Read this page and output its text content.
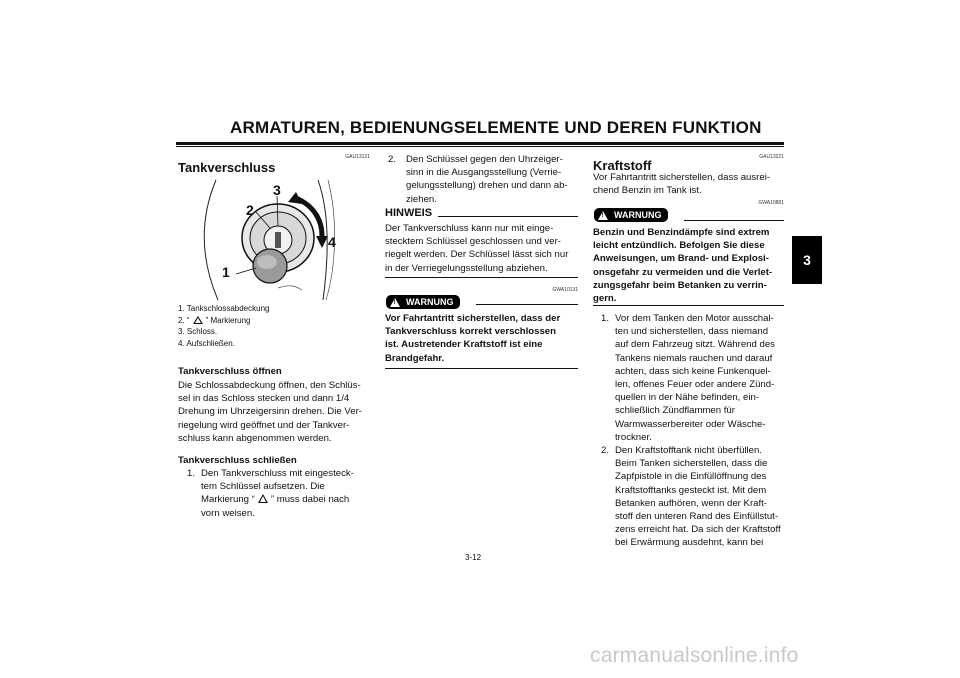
ARMATUREN, BEDIENUNGSELEMENTE UND DEREN FUNKTION
3
GAU13121
Tankverschluss
1
2
3
4
1. Tankschlossabdeckung
2. “ ” Markierung
3. Schloss.
4. Aufschließen.
Tankverschluss öffnen
Die Schlossabdeckung öffnen, den Schlüs-
sel in das Schloss stecken und dann 1/4
Drehung im Uhrzeigersinn drehen. Die Ver-
riegelung wird geöffnet und der Tankver-
schluss kann abgenommen werden.
Tankverschluss schließen
1. Den Tankverschluss mit eingesteck-
tem Schlüssel aufsetzen. Die
Markierung “ ” muss dabei nach
vorn weisen.
2.	Den Schlüssel gegen den Uhrzeiger-
sinn in die Ausgangsstellung (Verrie-
gelungsstellung) drehen und dann ab-
ziehen.
HINWEIS
Der Tankverschluss kann nur mit einge-
stecktem Schlüssel geschlossen und ver-
riegelt werden. Der Schlüssel lässt sich nur
in der Verriegelungsstellung abziehen.
GWA10131
! WARNUNG
Vor Fahrtantritt sicherstellen, dass der
Tankverschluss korrekt verschlossen
ist. Austretender Kraftstoff ist eine
Brandgefahr.
GAU13221
Kraftstoff
Vor Fahrtantritt sicherstellen, dass ausrei-
chend Benzin im Tank ist.
GWA10881
! WARNUNG
Benzin und Benzindämpfe sind extrem
leicht entzündlich. Befolgen Sie diese
Anweisungen, um Brand- und Explosi-
onsgefahr zu vermeiden und die Verlet-
zungsgefahr beim Betanken zu verrin-
gern.
1. Vor dem Tanken den Motor ausschal-
ten und sicherstellen, dass niemand
auf dem Fahrzeug sitzt. Während des
Tankens niemals rauchen und darauf
achten, dass sich keine Funkenquel-
len, offenes Feuer oder andere Zünd-
quellen in der Nähe befinden, ein-
schließlich Zündflammen für
Warmwasserbereiter oder Wäsche-
trockner.
2. Den Kraftstofftank nicht überfüllen.
Beim Tanken sicherstellen, dass die
Zapfpistole in die Einfüllöffnung des
Kraftstofftanks gesteckt ist. Mit dem
Betanken aufhören, wenn der Kraft-
stoff den unteren Rand des Einfüllstut-
zens erreicht hat. Da sich der Kraftstoff
bei Erwärmung ausdehnt, kann bei
3-12
carmanualsonline.info
